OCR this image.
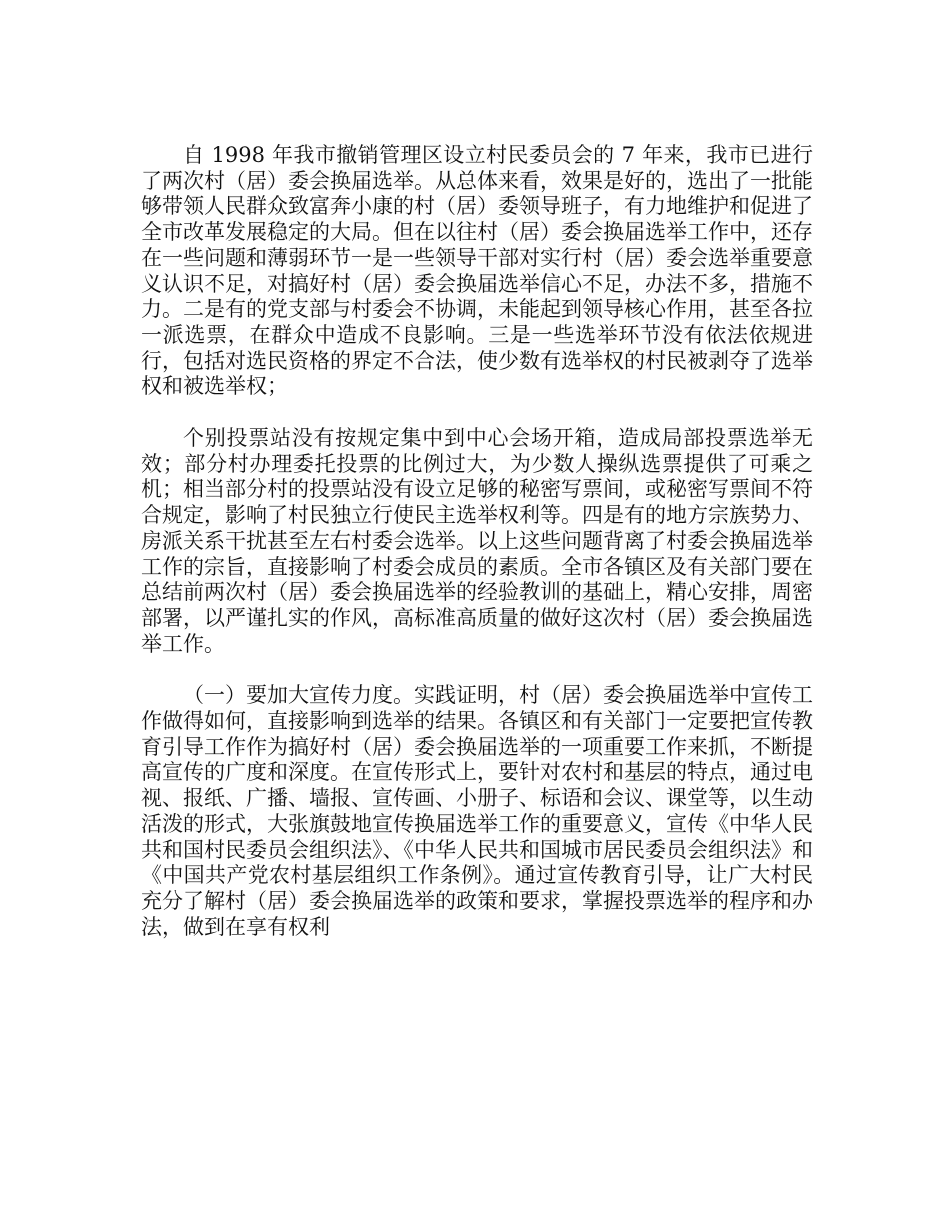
自 1998 年我市撤销管理区设立村民委员会的 7 年来，我市已进行了两次村（居）委会换届选举。从总体来看，效果是好的，选出了一批能够带领人民群众致富奔小康的村（居）委领导班子，有力地维护和促进了全市改革发展稳定的大局。但在以往村（居）委会换届选举工作中，还存在一些问题和薄弱环节一是一些领导干部对实行村（居）委会选举重要意义认识不足，对搞好村（居）委会换届选举信心不足，办法不多，措施不力。二是有的党支部与村委会不协调，未能起到领导核心作用，甚至各拉一派选票，在群众中造成不良影响。三是一些选举环节没有依法依规进行，包括对选民资格的界定不合法，使少数有选举权的村民被剥夺了选举权和被选举权；

个别投票站没有按规定集中到中心会场开箱，造成局部投票选举无效；部分村办理委托投票的比例过大，为少数人操纵选票提供了可乘之机；相当部分村的投票站没有设立足够的秘密写票间，或秘密写票间不符合规定，影响了村民独立行使民主选举权利等。四是有的地方宗族势力、房派关系干扰甚至左右村委会选举。以上这些问题背离了村委会换届选举工作的宗旨，直接影响了村委会成员的素质。全市各镇区及有关部门要在总结前两次村（居）委会换届选举的经验教训的基础上，精心安排，周密部署，以严谨扎实的作风，高标准高质量的做好这次村（居）委会换届选举工作。

（一）要加大宣传力度。实践证明，村（居）委会换届选举中宣传工作做得如何，直接影响到选举的结果。各镇区和有关部门一定要把宣传教育引导工作作为搞好村（居）委会换届选举的一项重要工作来抓，不断提高宣传的广度和深度。在宣传形式上，要针对农村和基层的特点，通过电视、报纸、广播、墙报、宣传画、小册子、标语和会议、课堂等，以生动活泼的形式，大张旗鼓地宣传换届选举工作的重要意义，宣传《中华人民共和国村民委员会组织法》、《中华人民共和国城市居民委员会组织法》和《中国共产党农村基层组织工作条例》。通过宣传教育引导，让广大村民充分了解村（居）委会换届选举的政策和要求，掌握投票选举的程序和办法，做到在享有权利
